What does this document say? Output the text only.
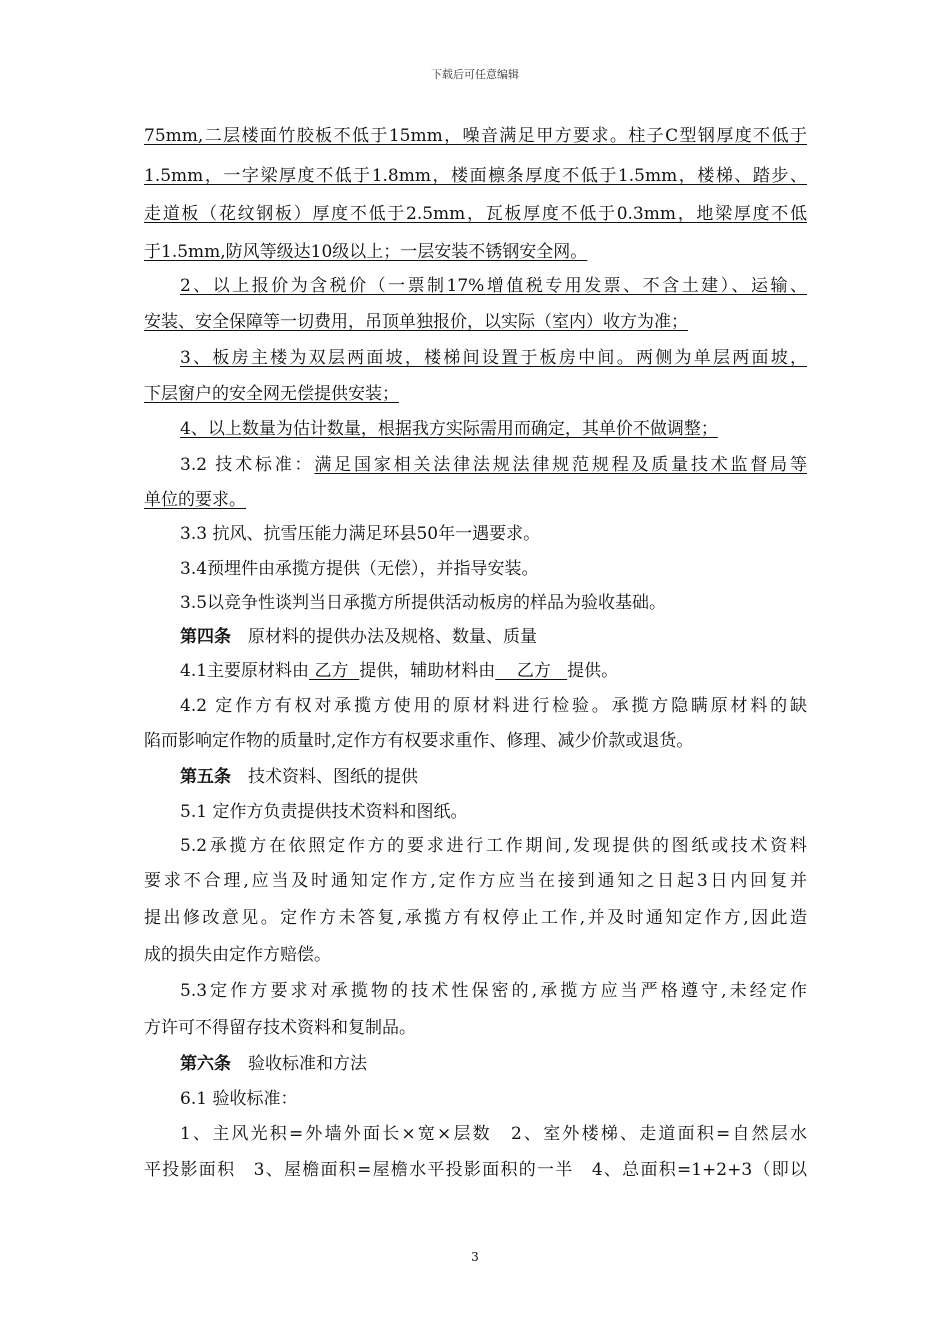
下载后可任意编辑
75mm,二层楼面竹胶板不低于15mm，噪音满足甲方要求。柱子C型钢厚度不低于
1.5mm，一字梁厚度不低于1.8mm，楼面檩条厚度不低于1.5mm，楼梯、踏步、
走道板（花纹钢板）厚度不低于2.5mm，瓦板厚度不低于0.3mm，地梁厚度不低
于1.5mm,防风等级达10级以上；一层安装不锈钢安全网。
2、以上报价为含税价（一票制17%增值税专用发票、不含土建）、运输、
安装、安全保障等一切费用，吊顶单独报价，以实际（室内）收方为准；
3、板房主楼为双层两面坡，楼梯间设置于板房中间。两侧为单层两面坡，
下层窗户的安全网无偿提供安装；
4、以上数量为估计数量，根据我方实际需用而确定，其单价不做调整；
3.2 技术标准：满足国家相关法律法规法律规范规程及质量技术监督局等
单位的要求。
3.3 抗风、抗雪压能力满足环县50年一遇要求。
3.4预埋件由承揽方提供（无偿），并指导安装。
3.5以竞争性谈判当日承揽方所提供活动板房的样品为验收基础。
第四条 原材料的提供办法及规格、数量、质量
4.1主要原材料由 乙方 提供，辅助材料由 乙方 提供。
4.2 定作方有权对承揽方使用的原材料进行检验。承揽方隐瞒原材料的缺
陷而影响定作物的质量时,定作方有权要求重作、修理、减少价款或退货。
第五条 技术资料、图纸的提供
5.1 定作方负责提供技术资料和图纸。
5.2承揽方在依照定作方的要求进行工作期间,发现提供的图纸或技术资料
要求不合理,应当及时通知定作方,定作方应当在接到通知之日起3日内回复并
提出修改意见。定作方未答复,承揽方有权停止工作,并及时通知定作方,因此造
成的损失由定作方赔偿。
5.3定作方要求对承揽物的技术性保密的,承揽方应当严格遵守,未经定作
方许可不得留存技术资料和复制品。
第六条 验收标准和方法
6.1 验收标准：
1、主风光积=外墙外面长×宽×层数　2、室外楼梯、走道面积=自然层水
平投影面积　3、屋檐面积=屋檐水平投影面积的一半　4、总面积=1+2+3（即以
3
